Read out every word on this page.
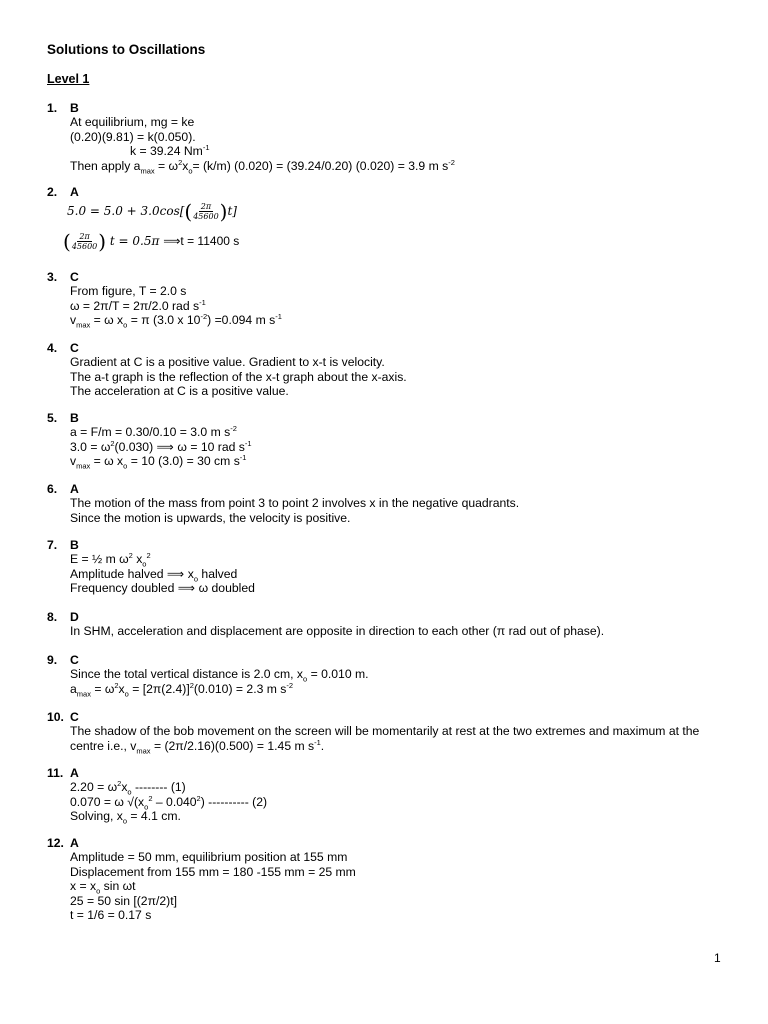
Solutions to Oscillations
Level 1
1. B
At equilibrium, mg = ke
(0.20)(9.81) = k(0.050).
k = 39.24 $Nm^{-1}$
Then apply $a_{max} = \omega^2x_o= (k/m) (0.020) = (39.24/0.20) (0.020) = 3.9$ m $s^{-2}$
2. A
$5.0 = 5.0 + 3.0\cos[( \frac{2\pi}{45600} )t]$
( $\frac{2\pi}{45600}$ ) t = 0.5π ⟹t = 11400 s
3. C
From figure, T = 2.0 s
ω = 2π/T = 2π/2.0 rad $s^{-1}$
$v_{max} = \omega$ $x_o = \pi$ (3.0 x $10^{-2}) =0.094$ m $s^{-1}$
4. C
Gradient at C is a positive value. Gradient to x-t is velocity.
The a-t graph is the reflection of the x-t graph about the x-axis.
The acceleration at C is a positive value.
5. B
a = F/m = 0.30/0.10 = 3.0 m $s^{-2}$
$3.0 = \omega^2(0.030)$ ⟹ ω = 10 rad $s^{-1}$
$v_{max} = \omega$ $x_o = 10$ (3.0) = 30 cm $s^{-1}$
6. A
The motion of the mass from point 3 to point 2 involves x in the negative quadrants.
Since the motion is upwards, the velocity is positive.
7. B
E = ½ m $\omega^2$ $x_o^2$
Amplitude halved ⟹ $x_o$ halved
Frequency doubled ⟹ ω doubled
8. D
In SHM, acceleration and displacement are opposite in direction to each other (π rad out of phase).
9. C
Since the total vertical distance is 2.0 cm, $x_o = 0.010$ m.
$a_{max} = \omega^2x_o = [2\pi(2.4)]^2(0.010) = 2.3$ m $s^{-2}$
10. C
The shadow of the bob movement on the screen will be momentarily at rest at the two extremes and maximum at the centre i.e., $v_{max} = (2\pi/2.16)(0.500) = 1.45$ m $s^{-1}$.
11. A
$2.20 = \omega^2x_o$ -------- (1)
0.070 = ω $√(x_o^2 - 0.040^2)$ ---------- (2)
Solving, $x_o = 4.1$ cm.
12. A
Amplitude = 50 mm, equilibrium position at 155 mm
Displacement from 155 mm = 180 -155 mm = 25 mm
$x = x_o$ sin ωt
25 = 50 sin [(2π/2)t]
t = 1/6 = 0.17 s
1
